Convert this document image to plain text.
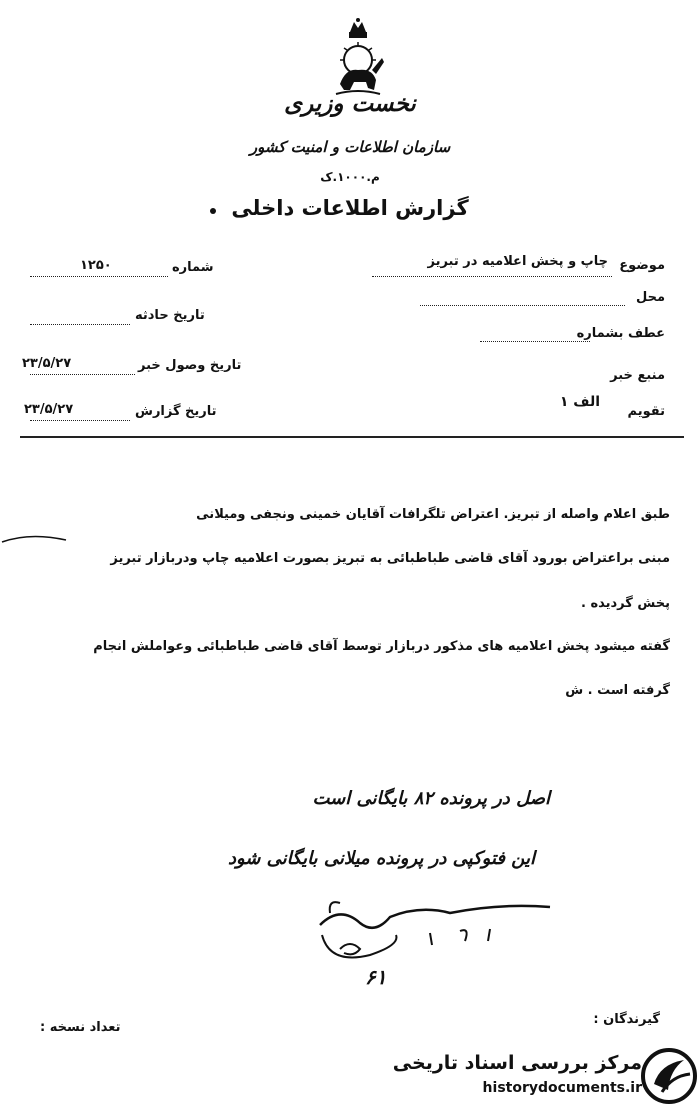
نخست وزیری
سازمان اطلاعات و امنیت کشور
م.۱۰۰۰.ک
گزارش اطلاعات داخلی
شماره
۱۲۵۰
تاریخ حادثه
تاریخ وصول خبر
۲۳/۵/۲۷
تاریخ گزارش
۲۳/۵/۲۷
موضوع
چاپ و پخش اعلامیه در تبریز
محل
عطف بشماره
منبع خبر
تقویم
الف ۱
طبق اعلام واصله از تبریز. اعتراض تلگرافات آقایان خمینی ونجفی ومیلانی
مبنی براعتراض بورود آقای قاضی طباطبائی به تبریز بصورت اعلامیه چاپ ودربازار تبریز
پخش گردیده .
گفته میشود پخش اعلامیه های مذکور دربازار توسط آقای قاضی طباطبائی وعواملش انجام
گرفته است . ش
اصل در پرونده ۸۲ بایگانی است
این فتوکپی در پرونده میلانی بایگانی شود
۶۱
گیرندگان :
تعداد نسخه :
مرکز بررسی اسناد تاریخی
historydocuments.ir
